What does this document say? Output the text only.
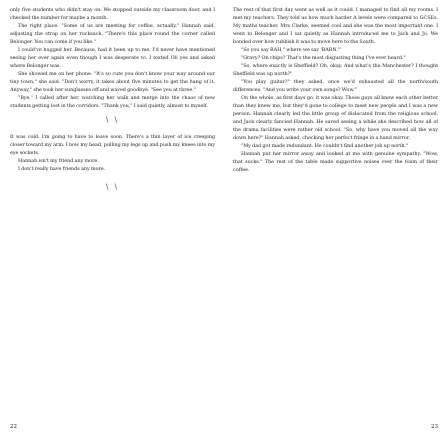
only five students who didn't stay on. We stopped outside my classroom door, and I checked the number for maybe a month.

The right place. "Some of us are meeting for coffee, actually." Hannah said, adjusting the strap on her rucksack. "There's this place round the corner called Belonger. You can come if you like."

I could've hugged her. Because, had it been up to me, I'd never have mentioned seeing her ever again even though I was desperate to. I texted Oli yes and asked where Belonger was.

She showed me on her phone. "It's so cute you don't know your way around our tiny town," she said. "Don't worry, it takes about five minutes to get the hang of it. Anyway," she took her sunglasses off and waved goodbye. "See you at three."

"Bye," I called after her, watching her walk and merge into the chaos of new students getting lost in the corridors. "Thank you," I said quietly, almost to myself.

\ \

It was cold. I'm going to have to leave soon. There's a thin layer of ice creeping closer toward my arm. I bow my head, pulling my legs up and push my knees into my eye sockets.

Hannah isn't my friend any more.

I don't really have friends any more.

\ \
22

The rest of that first day went as well as it could. I managed to find all my rooms. I met my teachers. They told us how much harder A levels were compared to GCSEs. My maths teacher, Mrs Clarke, seemed cool and she was the most important one. I went to Belonger and I sat quietly as Hannah introduced me to Jack and Jo. We bonded over how rubbish it was to move here to the South.

"So you say BAH," where we say 'BARN.'"

"Gravy? On chips? That's the most disgusting thing I've ever heard."

"So, where exactly is Sheffield? Oh, okay. And what's the Manchester? I thought Sheffield was up north?"

"You play guitar?" they asked, once we'd exhausted all the north/south differences. "And you write your own songs? Wow."

On the whole, as first days go, it was okay. Those guys all knew each other better than they knew me, but they'd gone to college to meet new people and I was a new person. Hannah clearly led the little group of dislocated from the religious school, and Jack clearly fancied Hannah. He saved seeing a while she described how all of the drama facilities were rather old school. "So, why have you moved all the way down here?" Hannah asked, checking her perfect fringe in a hand mirror.

"My dad got made redundant. He couldn't find another job up north."

Hannah put her mirror away and looked at me with genuine sympathy. "Wow, that sucks." The rest of the table made supportive noises over the foam of their coffee.

23
